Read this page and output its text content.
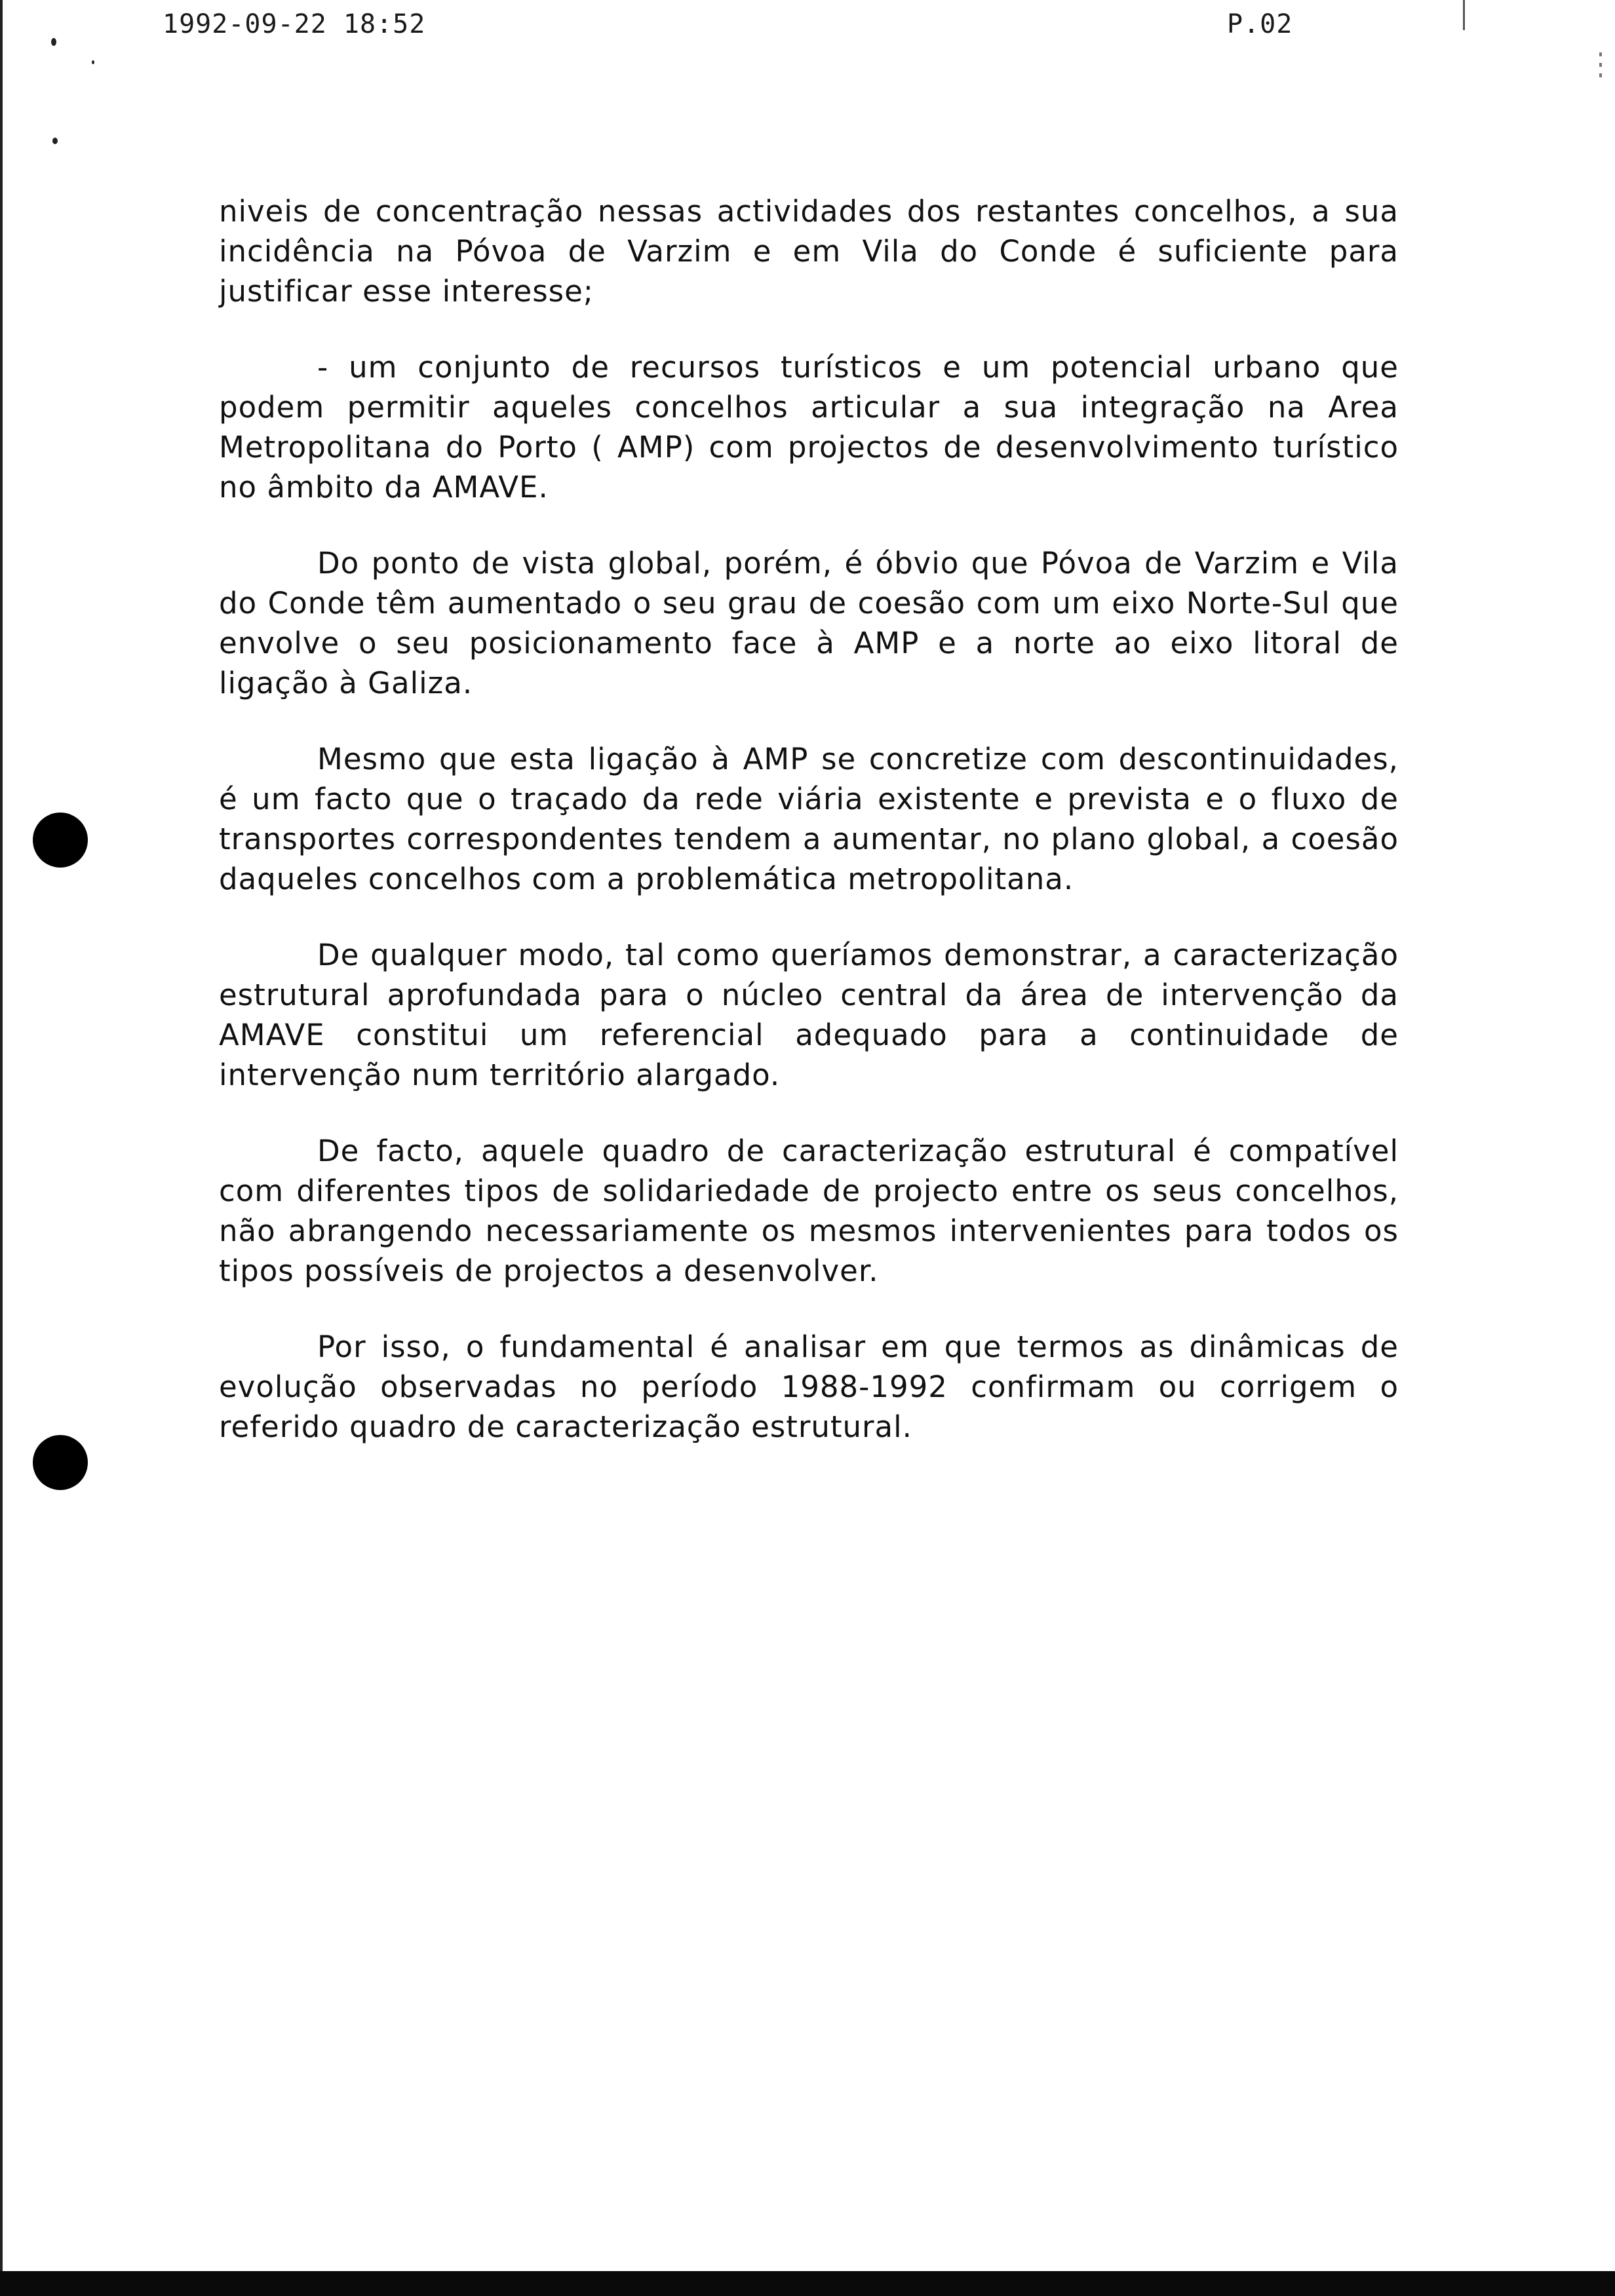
1992-09-22 18:52	P.02

niveis de concentração nessas actividades dos restantes concelhos, a sua incidência na Póvoa de Varzim e em Vila do Conde é suficiente para justificar esse interesse;

- um conjunto de recursos turísticos e um potencial urbano que podem permitir aqueles concelhos articular a sua integração na Area Metropolitana do Porto ( AMP) com projectos de desenvolvimento turístico no âmbito da AMAVE.

Do ponto de vista global, porém, é óbvio que Póvoa de Varzim e Vila do Conde têm aumentado o seu grau de coesão com um eixo Norte-Sul que envolve o seu posicionamento face à AMP e a norte ao eixo litoral de ligação à Galiza.

Mesmo que esta ligação à AMP se concretize com descontinuidades, é um facto que o traçado da rede viária existente e prevista e o fluxo de transportes correspondentes tendem a aumentar, no plano global, a coesão daqueles concelhos com a problemática metropolitana.

De qualquer modo, tal como queríamos demonstrar, a caracterização estrutural aprofundada para o núcleo central da área de intervenção da AMAVE constitui um referencial adequado para a continuidade de intervenção num território alargado.

De facto, aquele quadro de caracterização estrutural é compatível com diferentes tipos de solidariedade de projecto entre os seus concelhos, não abrangendo necessariamente os mesmos intervenientes para todos os tipos possíveis de projectos a desenvolver.

Por isso, o fundamental é analisar em que termos as dinâmicas de evolução observadas no período 1988-1992 confirmam ou corrigem o referido quadro de caracterização estrutural.
